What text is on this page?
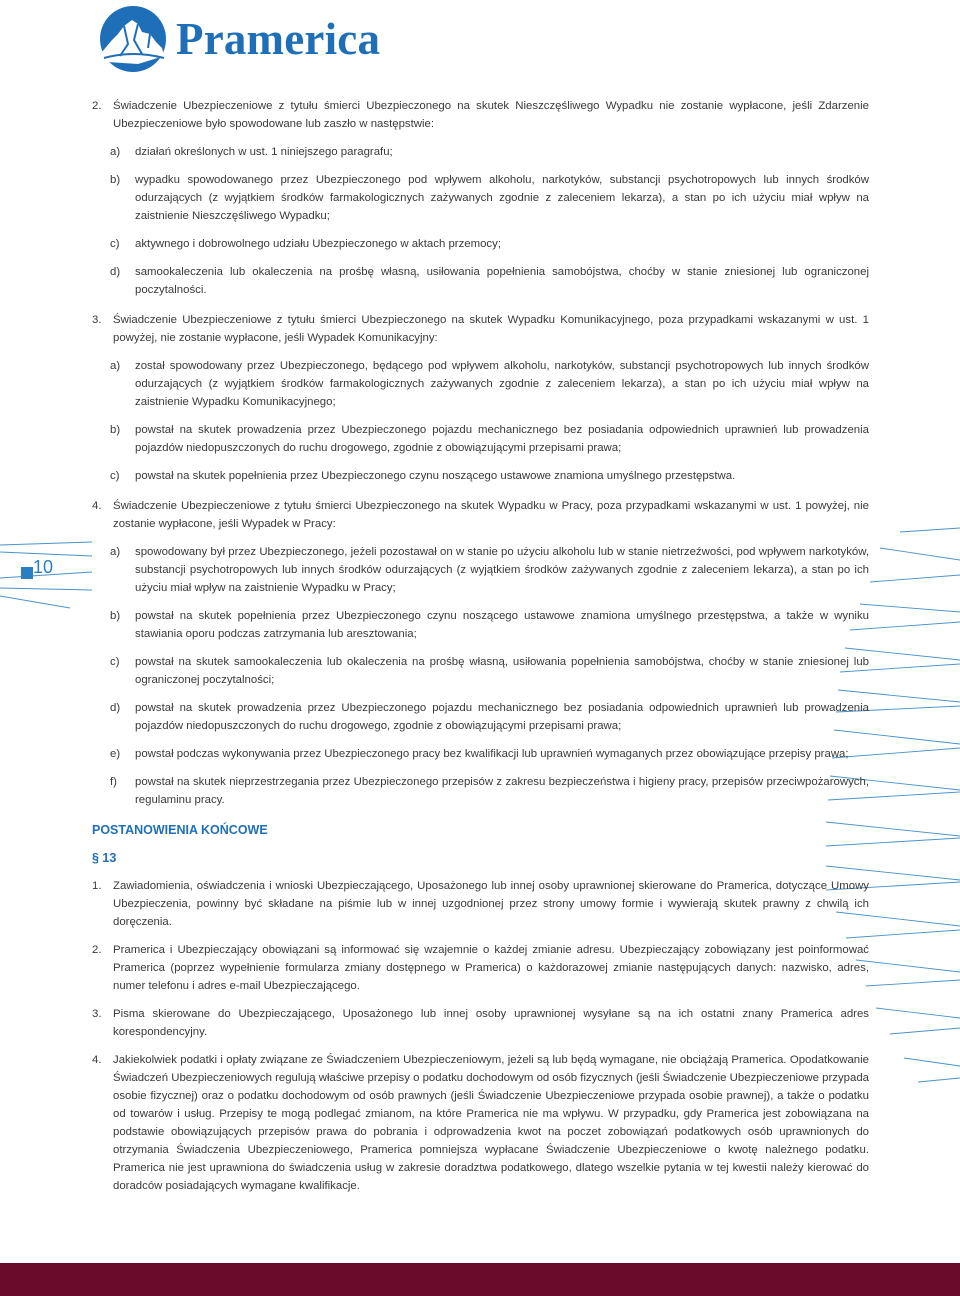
Pramerica
10
2.	Świadczenie Ubezpieczeniowe z tytułu śmierci Ubezpieczonego na skutek Nieszczęśliwego Wypadku nie zostanie wypłacone, jeśli Zdarzenie Ubezpieczeniowe było spowodowane lub zaszło w następstwie:
a)	działań określonych w ust. 1 niniejszego paragrafu;
b)	wypadku spowodowanego przez Ubezpieczonego pod wpływem alkoholu, narkotyków, substancji psychotropowych lub innych środków odurzających (z wyjątkiem środków farmakologicznych zażywanych zgodnie z zaleceniem lekarza), a stan po ich użyciu miał wpływ na zaistnienie Nieszczęśliwego Wypadku;
c)	aktywnego i dobrowolnego udziału Ubezpieczonego w aktach przemocy;
d)	samookaleczenia lub okaleczenia na prośbę własną, usiłowania popełnienia samobójstwa, choćby w stanie zniesionej lub ograniczonej poczytalności.
3.	Świadczenie Ubezpieczeniowe z tytułu śmierci Ubezpieczonego na skutek Wypadku Komunikacyjnego, poza przypadkami wskazanymi w ust. 1 powyżej, nie zostanie wypłacone, jeśli Wypadek Komunikacyjny:
a)	został spowodowany przez Ubezpieczonego, będącego pod wpływem alkoholu, narkotyków, substancji psychotropowych lub innych środków odurzających (z wyjątkiem środków farmakologicznych zażywanych zgodnie z zaleceniem lekarza), a stan po ich użyciu miał wpływ na zaistnienie Wypadku Komunikacyjnego;
b)	powstał na skutek prowadzenia przez Ubezpieczonego pojazdu mechanicznego bez posiadania odpowiednich uprawnień lub prowadzenia pojazdów niedopuszczonych do ruchu drogowego, zgodnie z obowiązującymi przepisami prawa;
c)	powstał na skutek popełnienia przez Ubezpieczonego czynu noszącego ustawowe znamiona umyślnego przestępstwa.
4.	Świadczenie Ubezpieczeniowe z tytułu śmierci Ubezpieczonego na skutek Wypadku w Pracy, poza przypadkami wskazanymi w ust. 1 powyżej, nie zostanie wypłacone, jeśli Wypadek w Pracy:
a)	spowodowany był przez Ubezpieczonego, jeżeli pozostawał on w stanie po użyciu alkoholu lub w stanie nietrzeźwości, pod wpływem narkotyków, substancji psychotropowych lub innych środków odurzających (z wyjątkiem środków zażywanych zgodnie z zaleceniem lekarza), a stan po ich użyciu miał wpływ na zaistnienie Wypadku w Pracy;
b)	powstał na skutek popełnienia przez Ubezpieczonego czynu noszącego ustawowe znamiona umyślnego przestępstwa, a także w wyniku stawiania oporu podczas zatrzymania lub aresztowania;
c)	powstał na skutek samookaleczenia lub okaleczenia na prośbę własną, usiłowania popełnienia samobójstwa, choćby w stanie zniesionej lub ograniczonej poczytalności;
d)	powstał na skutek prowadzenia przez Ubezpieczonego pojazdu mechanicznego bez posiadania odpowiednich uprawnień lub prowadzenia pojazdów niedopuszczonych do ruchu drogowego, zgodnie z obowiązującymi przepisami prawa;
e)	powstał podczas wykonywania przez Ubezpieczonego pracy bez kwalifikacji lub uprawnień wymaganych przez obowiązujące przepisy prawa;
f)	powstał na skutek nieprzestrzegania przez Ubezpieczonego przepisów z zakresu bezpieczeństwa i higieny pracy, przepisów przeciwpożarowych, regulaminu pracy.
POSTANOWIENIA KOŃCOWE
§ 13
1.	Zawiadomienia, oświadczenia i wnioski Ubezpieczającego, Uposażonego lub innej osoby uprawnionej skierowane do Pramerica, dotyczące Umowy Ubezpieczenia, powinny być składane na piśmie lub w innej uzgodnionej przez strony umowy formie i wywierają skutek prawny z chwilą ich doręczenia.
2.	Pramerica i Ubezpieczający obowiązani są informować się wzajemnie o każdej zmianie adresu. Ubezpieczający zobowiązany jest poinformować Pramerica (poprzez wypełnienie formularza zmiany dostępnego w Pramerica) o każdorazowej zmianie następujących danych: nazwisko, adres, numer telefonu i adres e-mail Ubezpieczającego.
3.	Pisma skierowane do Ubezpieczającego, Uposażonego lub innej osoby uprawnionej wysyłane są na ich ostatni znany Pramerica adres korespondencyjny.
4.	Jakiekolwiek podatki i opłaty związane ze Świadczeniem Ubezpieczeniowym, jeżeli są lub będą wymagane, nie obciążają Pramerica. Opodatkowanie Świadczeń Ubezpieczeniowych regulują właściwe przepisy o podatku dochodowym od osób fizycznych (jeśli Świadczenie Ubezpieczeniowe przypada osobie fizycznej) oraz o podatku dochodowym od osób prawnych (jeśli Świadczenie Ubezpieczeniowe przypada osobie prawnej), a także o podatku od towarów i usług. Przepisy te mogą podlegać zmianom, na które Pramerica nie ma wpływu. W przypadku, gdy Pramerica jest zobowiązana na podstawie obowiązujących przepisów prawa do pobrania i odprowadzenia kwot na poczet zobowiązań podatkowych osób uprawnionych do otrzymania Świadczenia Ubezpieczeniowego, Pramerica pomniejsza wypłacane Świadczenie Ubezpieczeniowe o kwotę należnego podatku. Pramerica nie jest uprawniona do świadczenia usług w zakresie doradztwa podatkowego, dlatego wszelkie pytania w tej kwestii należy kierować do doradców posiadających wymagane kwalifikacje.
